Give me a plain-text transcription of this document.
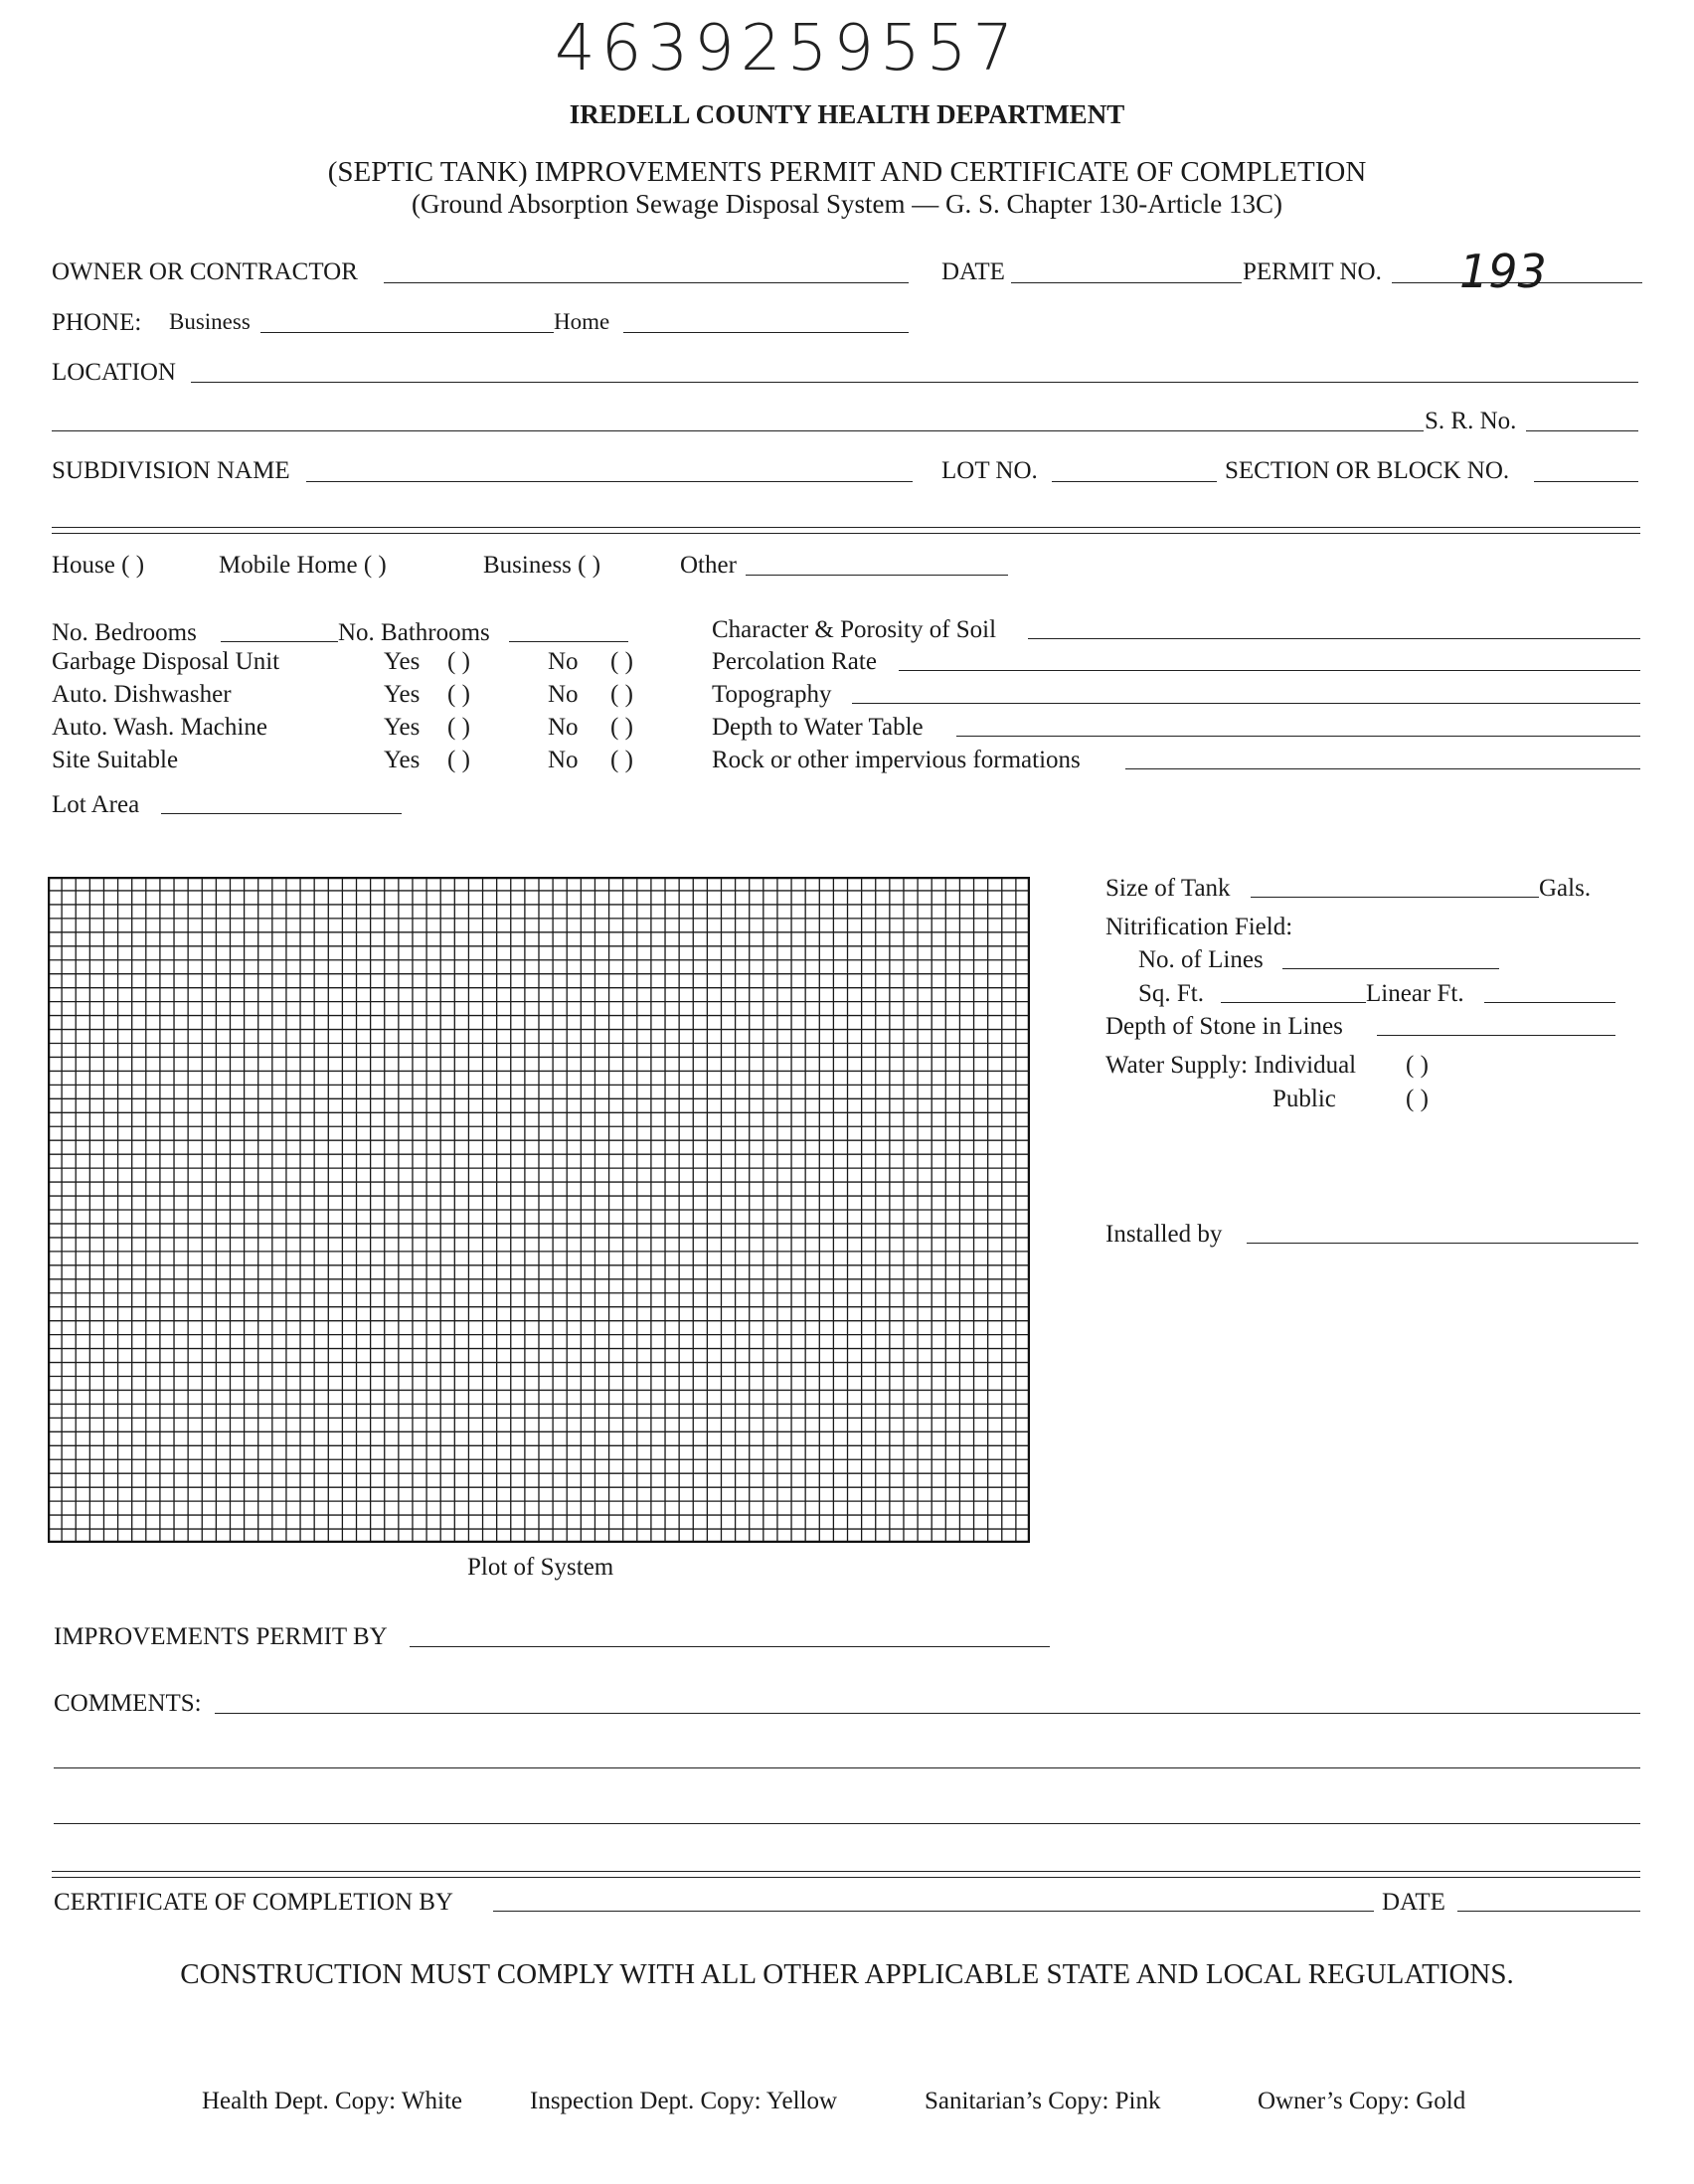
4639259557
IREDELL COUNTY HEALTH DEPARTMENT
(SEPTIC TANK) IMPROVEMENTS PERMIT AND CERTIFICATE OF COMPLETION
(Ground Absorption Sewage Disposal System — G. S. Chapter 130-Article 13C)
OWNER OR CONTRACTOR	DATE	PERMIT NO. 193
PHONE: Business	Home
LOCATION
S. R. No.
SUBDIVISION NAME	LOT NO.	SECTION OR BLOCK NO.
House ( )	Mobile Home ( )	Business ( )	Other
No. Bedrooms	No. Bathrooms
Garbage Disposal Unit	Yes ( )	No ( )
Auto. Dishwasher	Yes ( )	No ( )
Auto. Wash. Machine	Yes ( )	No ( )
Site Suitable	Yes ( )	No ( )
Lot Area
Character & Porosity of Soil
Percolation Rate
Topography
Depth to Water Table
Rock or other impervious formations
Plot of System
Size of Tank	Gals.
Nitrification Field:
No. of Lines
Sq. Ft.	Linear Ft.
Depth of Stone in Lines
Water Supply: Individual ( )
Public	( )
Installed by
IMPROVEMENTS PERMIT BY
COMMENTS:
CERTIFICATE OF COMPLETION BY	DATE
CONSTRUCTION MUST COMPLY WITH ALL OTHER APPLICABLE STATE AND LOCAL REGULATIONS.
Health Dept. Copy: White	Inspection Dept. Copy: Yellow	Sanitarian’s Copy: Pink	Owner’s Copy: Gold
